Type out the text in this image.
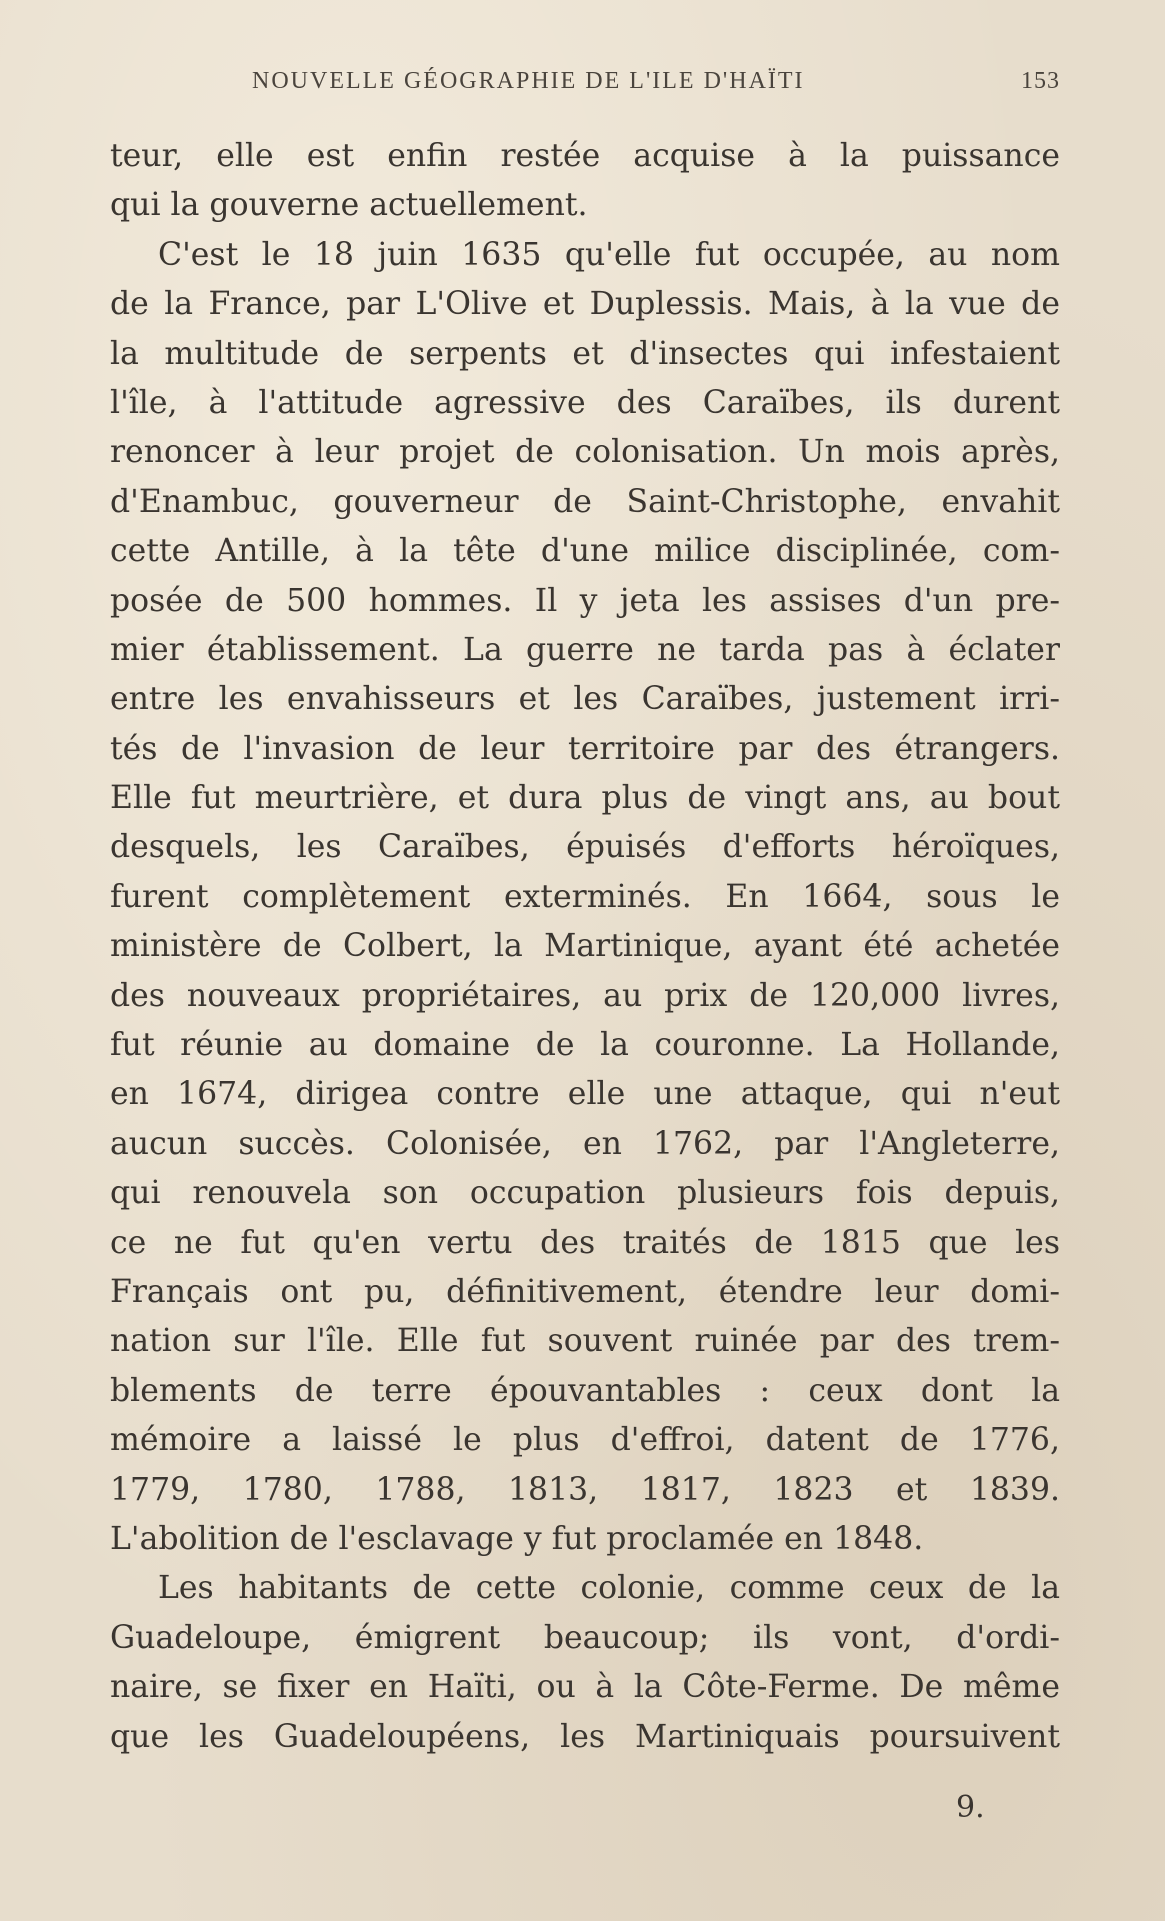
NOUVELLE GÉOGRAPHIE DE L'ILE D'HAÏTI	153
teur, elle est enfin restée acquise à la puissance
qui la gouverne actuellement.
C'est le 18 juin 1635 qu'elle fut occupée, au nom
de la France, par L'Olive et Duplessis. Mais, à la vue de
la multitude de serpents et d'insectes qui infestaient
l'île, à l'attitude agressive des Caraïbes, ils durent
renoncer à leur projet de colonisation. Un mois après,
d'Enambuc, gouverneur de Saint-Christophe, envahit
cette Antille, à la tête d'une milice disciplinée, com-
posée de 500 hommes. Il y jeta les assises d'un pre-
mier établissement. La guerre ne tarda pas à éclater
entre les envahisseurs et les Caraïbes, justement irri-
tés de l'invasion de leur territoire par des étrangers.
Elle fut meurtrière, et dura plus de vingt ans, au bout
desquels, les Caraïbes, épuisés d'efforts héroïques,
furent complètement exterminés. En 1664, sous le
ministère de Colbert, la Martinique, ayant été achetée
des nouveaux propriétaires, au prix de 120,000 livres,
fut réunie au domaine de la couronne. La Hollande,
en 1674, dirigea contre elle une attaque, qui n'eut
aucun succès. Colonisée, en 1762, par l'Angleterre,
qui renouvela son occupation plusieurs fois depuis,
ce ne fut qu'en vertu des traités de 1815 que les
Français ont pu, définitivement, étendre leur domi-
nation sur l'île. Elle fut souvent ruinée par des trem-
blements de terre épouvantables : ceux dont la
mémoire a laissé le plus d'effroi, datent de 1776,
1779, 1780, 1788, 1813, 1817, 1823 et 1839.
L'abolition de l'esclavage y fut proclamée en 1848.
Les habitants de cette colonie, comme ceux de la
Guadeloupe, émigrent beaucoup; ils vont, d'ordi-
naire, se fixer en Haïti, ou à la Côte-Ferme. De même
que les Guadeloupéens, les Martiniquais poursuivent
9.
